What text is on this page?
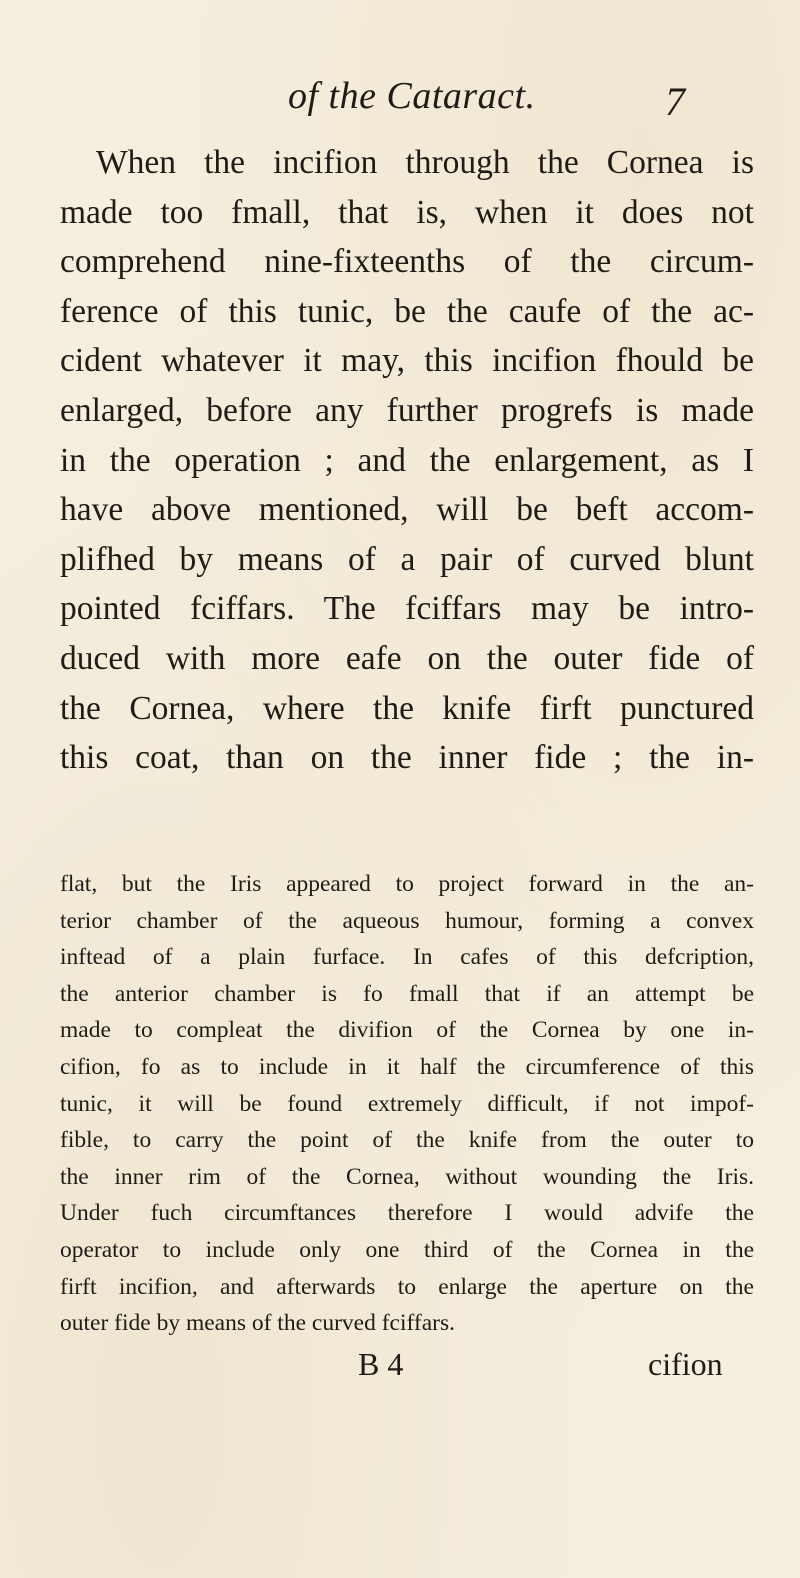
of the Cataract.	7
When the incifion through the Cornea is
made too fmall, that is, when it does not
comprehend nine-fixteenths of the circum-
ference of this tunic, be the caufe of the ac-
cident whatever it may, this incifion fhould be
enlarged, before any further progrefs is made
in the operation ; and the enlargement, as I
have above mentioned, will be beft accom-
plifhed by means of a pair of curved blunt
pointed fciffars. The fciffars may be intro-
duced with more eafe on the outer fide of
the Cornea, where the knife firft punctured
this coat, than on the inner fide ; the in-
flat, but the Iris appeared to project forward in the an-
terior chamber of the aqueous humour, forming a convex
inftead of a plain furface. In cafes of this defcription,
the anterior chamber is fo fmall that if an attempt be
made to compleat the divifion of the Cornea by one in-
cifion, fo as to include in it half the circumference of this
tunic, it will be found extremely difficult, if not impof-
fible, to carry the point of the knife from the outer to
the inner rim of the Cornea, without wounding the Iris.
Under fuch circumftances therefore I would advife the
operator to include only one third of the Cornea in the
firft incifion, and afterwards to enlarge the aperture on the
outer fide by means of the curved fciffars.
B 4	cifion
